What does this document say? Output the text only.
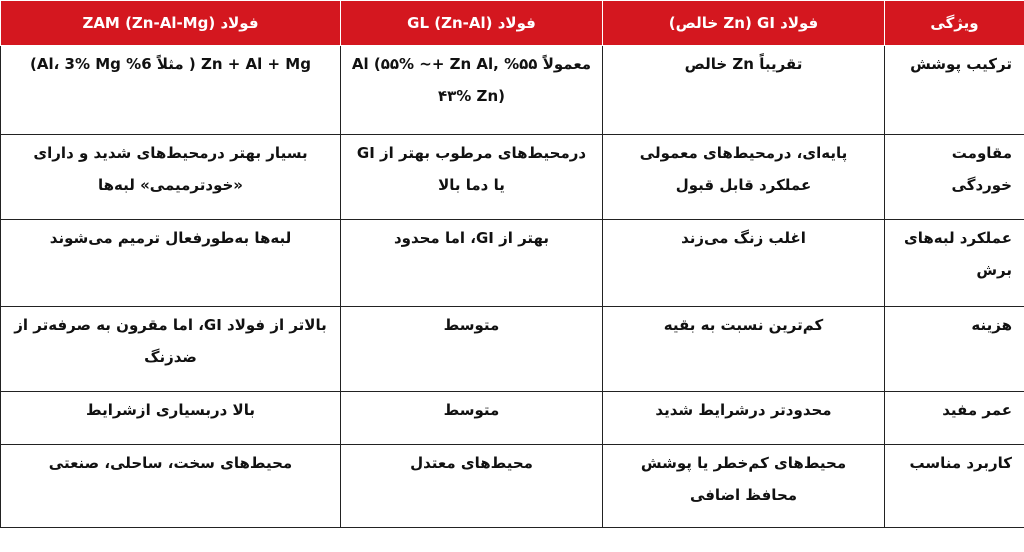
ویژگی	فولاد GI (Zn خالص)	فولاد GL (Zn-Al)	فولاد ZAM (Zn-Al-Mg)
ترکیب پوشش	تقریباً Zn خالص	معمولاً ۵۵% Al (۵۵% ~+ Zn Al, ۴۳% Zn)	Zn + Al + Mg ( مثلاً 6% Al، 3% Mg)
مقاومت خوردگی	پایه‌ای، درمحیط‌های معمولی عملکرد قابل قبول	درمحیط‌های مرطوب بهتر از GI یا دما بالا	بسیار بهتر درمحیط‌های شدید و دارای «خودترمیمی» لبه‌ها
عملکرد لبه‌های برش	اغلب زنگ می‌زند	بهتر از GI، اما محدود	لبه‌ها به‌طورفعال ترمیم می‌شوند
هزینه	کم‌ترین نسبت به بقیه	متوسط	بالاتر از فولاد GI، اما مقرون به صرفه‌تر از ضدزنگ
عمر مفید	محدودتر درشرایط شدید	متوسط	بالا دربسیاری ازشرایط
کاربرد مناسب	محیط‌های کم‌خطر یا پوشش محافظ اضافی	محیط‌های معتدل	محیط‌های سخت، ساحلی، صنعتی
